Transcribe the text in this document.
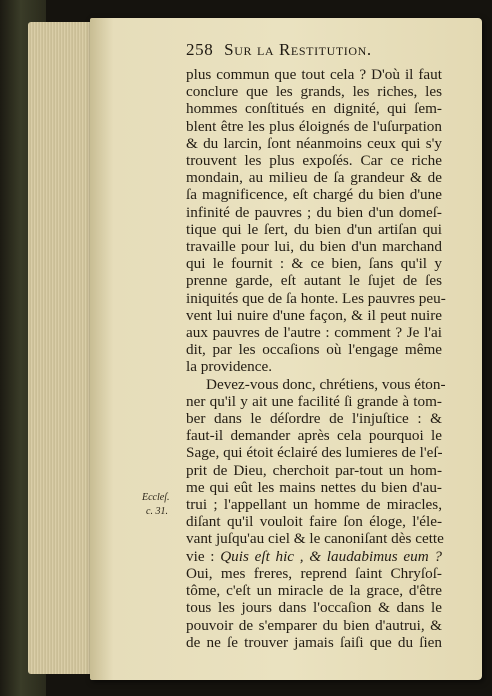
258 Sur la Restitution.
plus commun que tout cela ? D'où il faut
conclure que les grands, les riches, les
hommes conſtitués en dignité, qui ſem-
blent être les plus éloignés de l'uſurpation
& du larcin, ſont néanmoins ceux qui s'y
trouvent les plus expoſés. Car ce riche
mondain, au milieu de ſa grandeur & de
ſa magnificence, eſt chargé du bien d'une
infinité de pauvres ; du bien d'un domeſ-
tique qui le ſert, du bien d'un artiſan qui
travaille pour lui, du bien d'un marchand
qui le fournit : & ce bien, ſans qu'il y
prenne garde, eſt autant le ſujet de ſes
iniquités que de ſa honte. Les pauvres peu-
vent lui nuire d'une façon, & il peut nuire
aux pauvres de l'autre : comment ? Je l'ai
dit, par les occaſions où l'engage même
la providence.
Devez-vous donc, chrétiens, vous éton-
ner qu'il y ait une facilité ſi grande à tom-
ber dans le déſordre de l'injuſtice : &
faut-il demander après cela pourquoi le
Sage, qui étoit éclairé des lumieres de l'eſ-
prit de Dieu, cherchoit par-tout un hom-
me qui eût les mains nettes du bien d'au-
trui ; l'appellant un homme de miracles,
diſant qu'il vouloit faire ſon éloge, l'éle-
vant juſqu'au ciel & le canoniſant dès cette
vie : Quis eſt hic , & laudabimus eum ?
Oui, mes freres, reprend ſaint Chryſoſ-
tôme, c'eſt un miracle de la grace, d'être
tous les jours dans l'occaſion & dans le
pouvoir de s'emparer du bien d'autrui, &
de ne ſe trouver jamais ſaiſi que du ſien
Eccleſ.
c. 31.
